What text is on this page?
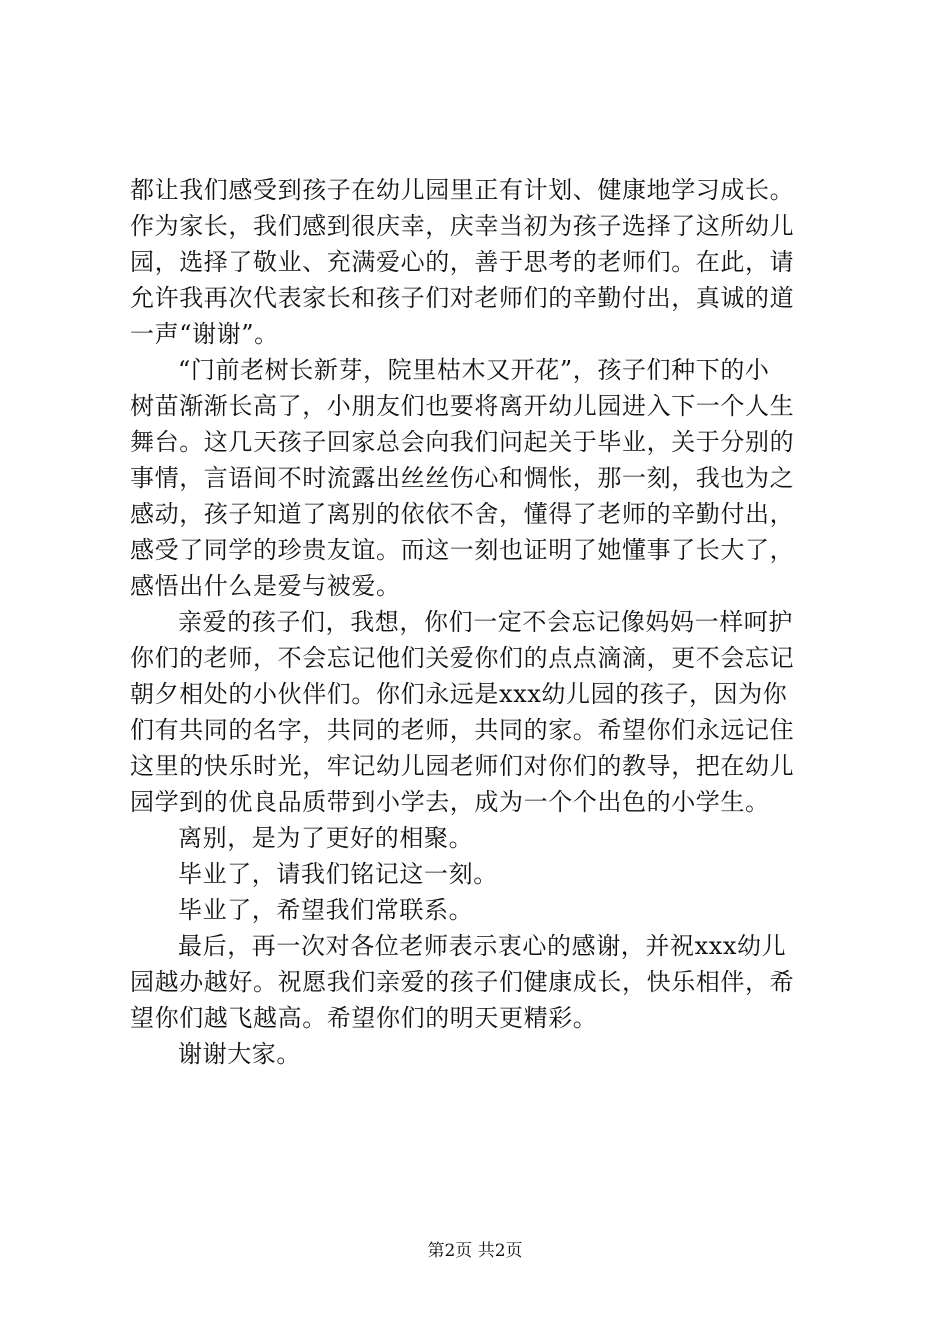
都让我们感受到孩子在幼儿园里正有计划、健康地学习成长。
作为家长，我们感到很庆幸，庆幸当初为孩子选择了这所幼儿
园，选择了敬业、充满爱心的，善于思考的老师们。在此，请
允许我再次代表家长和孩子们对老师们的辛勤付出，真诚的道
一声“谢谢”。
“门前老树长新芽，院里枯木又开花”，孩子们种下的小
树苗渐渐长高了，小朋友们也要将离开幼儿园进入下一个人生
舞台。这几天孩子回家总会向我们问起关于毕业，关于分别的
事情，言语间不时流露出丝丝伤心和惆怅，那一刻，我也为之
感动，孩子知道了离别的依依不舍，懂得了老师的辛勤付出，
感受了同学的珍贵友谊。而这一刻也证明了她懂事了长大了，
感悟出什么是爱与被爱。
亲爱的孩子们，我想，你们一定不会忘记像妈妈一样呵护
你们的老师，不会忘记他们关爱你们的点点滴滴，更不会忘记
朝夕相处的小伙伴们。你们永远是xxx幼儿园的孩子，因为你
们有共同的名字，共同的老师，共同的家。希望你们永远记住
这里的快乐时光，牢记幼儿园老师们对你们的教导，把在幼儿
园学到的优良品质带到小学去，成为一个个出色的小学生。
离别，是为了更好的相聚。
毕业了，请我们铭记这一刻。
毕业了，希望我们常联系。
最后，再一次对各位老师表示衷心的感谢，并祝xxx幼儿
园越办越好。祝愿我们亲爱的孩子们健康成长，快乐相伴，希
望你们越飞越高。希望你们的明天更精彩。
谢谢大家。
第2页 共2页
